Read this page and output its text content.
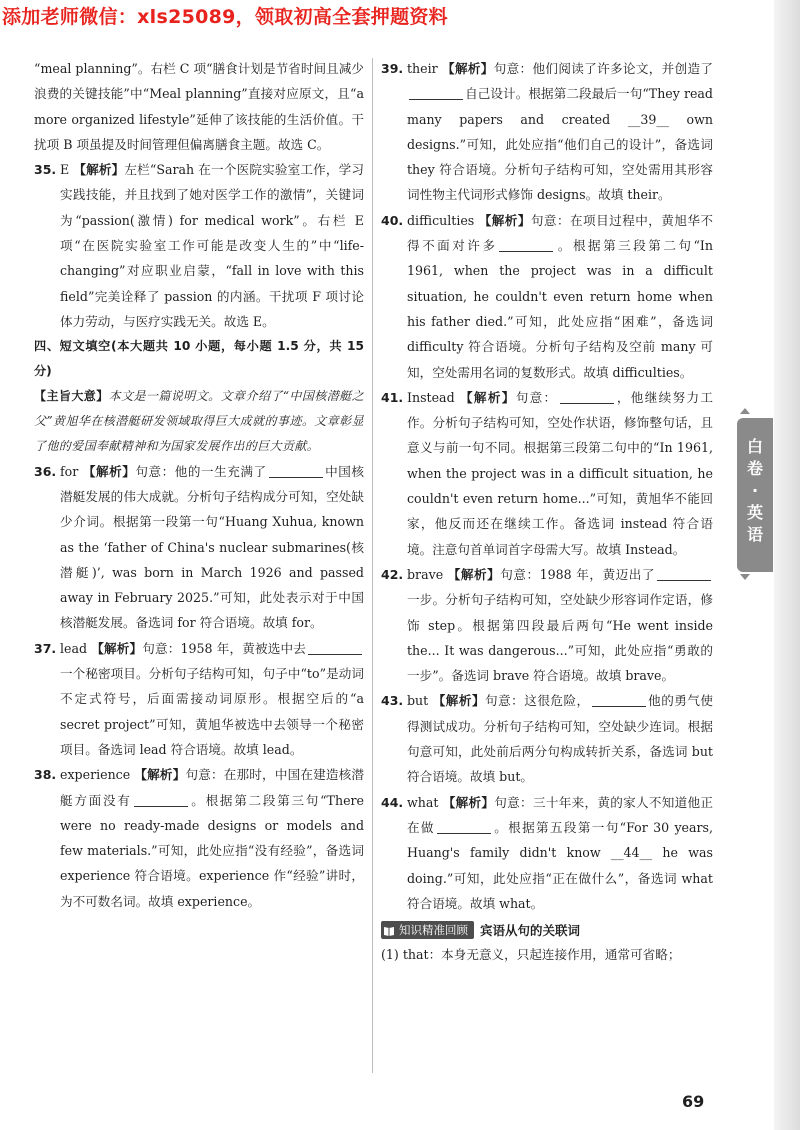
添加老师微信：xls25089，领取初高全套押题资料

“meal planning”。右栏 C 项“膳食计划是节省时间且减少浪费的关键技能”中“Meal planning”直接对应原文，且“a more organized lifestyle”延伸了该技能的生活价值。干扰项 B 项虽提及时间管理但偏离膳食主题。故选 C。

35. E 【解析】左栏“Sarah 在一个医院实验室工作，学习实践技能，并且找到了她对医学工作的激情”，关键词为“passion(激情) for medical work”。右栏 E 项“在医院实验室工作可能是改变人生的”中“life-changing”对应职业启蒙，“fall in love with this field”完美诠释了 passion 的内涵。干扰项 F 项讨论体力劳动，与医疗实践无关。故选 E。

四、短文填空(本大题共 10 小题，每小题 1.5 分，共 15 分)

【主旨大意】本文是一篇说明文。文章介绍了“中国核潜艇之父”黄旭华在核潜艇研发领域取得巨大成就的事迹。文章彰显了他的爱国奉献精神和为国家发展作出的巨大贡献。

36. for 【解析】句意：他的一生充满了	中国核潜艇发展的伟大成就。分析句子结构成分可知，空处缺少介词。根据第一段第一句“Huang Xuhua, known as the ‘father of China's nuclear submarines(核潜艇)’, was born in March 1926 and passed away in February 2025.”可知，此处表示对于中国核潜艇发展。备选词 for 符合语境。故填 for。

37. lead 【解析】句意：1958 年，黄被选中去一个秘密项目。分析句子结构可知，句子中“to”是动词不定式符号，后面需接动词原形。根据空后的“a secret project”可知，黄旭华被选中去领导一个秘密项目。备选词 lead 符合语境。故填 lead。

38. experience 【解析】句意：在那时，中国在建造核潜艇方面没有	。根据第二段第三句“There were no ready-made designs or models and few materials.”可知，此处应指“没有经验”，备选词 experience 符合语境。experience 作“经验”讲时，为不可数名词。故填 experience。

39. their 【解析】句意：他们阅读了许多论文，并创造了自己设计。根据第二段最后一句“They read many papers and created __39__ own designs.”可知，此处应指“他们自己的设计”，备选词 they 符合语境。分析句子结构可知，空处需用其形容词性物主代词形式修饰 designs。故填 their。

40. difficulties 【解析】句意：在项目过程中，黄旭华不得不面对许多	。根据第三段第二句“In 1961, when the project was in a difficult situation, he couldn't even return home when his father died.”可知，此处应指“困难”，备选词 difficulty 符合语境。分析句子结构及空前 many 可知，空处需用名词的复数形式。故填 difficulties。

41. Instead 【解析】句意：	，他继续努力工作。分析句子结构可知，空处作状语，修饰整句话，且意义与前一句不同。根据第三段第二句中的“In 1961, when the project was in a difficult situation, he couldn't even return home...”可知，黄旭华不能回家，他反而还在继续工作。备选词 instead 符合语境。注意句首单词首字母需大写。故填 Instead。

42. brave 【解析】句意：1988 年，黄迈出了一步。分析句子结构可知，空处缺少形容词作定语，修饰 step。根据第四段最后两句“He went inside the... It was dangerous...”可知，此处应指“勇敢的一步”。备选词 brave 符合语境。故填 brave。

43. but 【解析】句意：这很危险，	他的勇气使得测试成功。分析句子结构可知，空处缺少连词。根据句意可知，此处前后两分句构成转折关系，备选词 but 符合语境。故填 but。

44. what 【解析】句意：三十年来，黄的家人不知道他正在做	。根据第五段第一句“For 30 years, Huang's family didn't know __44__ he was doing.”可知，此处应指“正在做什么”，备选词 what 符合语境。故填 what。

知识精准回顾 宾语从句的关联词

(1) that：本身无意义，只起连接作用，通常可省略；

白
卷
·
英
语
69
